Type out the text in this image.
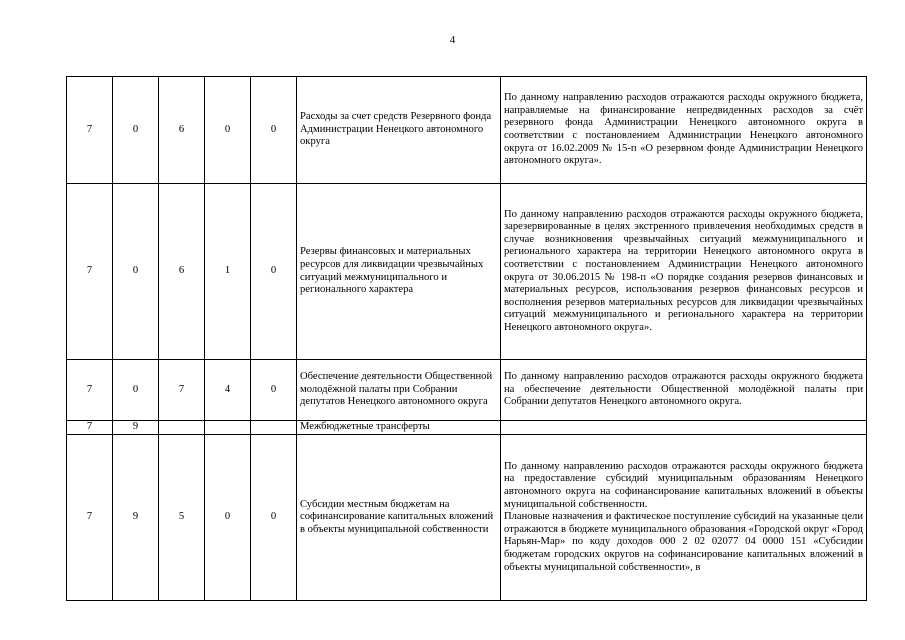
4
7	0	6	0	0	Расходы за счет средств Резервного фонда Администрации Ненецкого автономного округа	По данному направлению расходов отражаются расходы окружного бюджета, направляемые на финансирование непредвиденных расходов за счёт резервного фонда Администрации Ненецкого автономного округа в соответствии с постановлением Администрации Ненецкого автономного округа от 16.02.2009 № 15-п «О резервном фонде Администрации Ненецкого автономного округа».

7	0	6	1	0	Резервы финансовых и материальных ресурсов для ликвидации чрезвычайных ситуаций межмуниципального и регионального характера	По данному направлению расходов отражаются расходы окружного бюджета, зарезервированные в целях экстренного привлечения необходимых средств в случае возникновения чрезвычайных ситуаций межмуниципального и регионального характера на территории Ненецкого автономного округа в соответствии с постановлением Администрации Ненецкого автономного округа от 30.06.2015 № 198-п «О порядке создания резервов финансовых и материальных ресурсов, использования резервов финансовых ресурсов и восполнения резервов материальных ресурсов для ликвидации чрезвычайных ситуаций межмуниципального и регионального характера на территории Ненецкого автономного округа».

7	0	7	4	0	Обеспечение деятельности Общественной молодёжной палаты при Собрании депутатов Ненецкого автономного округа	По данному направлению расходов отражаются расходы окружного бюджета на обеспечение деятельности Общественной молодёжной палаты при Собрании депутатов Ненецкого автономного округа.

7	9				Межбюджетные трансферты	

7	9	5	0	0	Субсидии местным бюджетам на софинансирование капитальных вложений в объекты муниципальной собственности	По данному направлению расходов отражаются расходы окружного бюджета на предоставление субсидий муниципальным образованиям Ненецкого автономного округа на софинансирование капитальных вложений в объекты муниципальной собственности.

Плановые назначения и фактическое поступление субсидий на указанные цели отражаются в бюджете муниципального образования «Городской округ «Город Нарьян-Мар» по коду доходов 000 2 02 02077 04 0000 151 «Субсидии бюджетам городских округов на софинансирование капитальных вложений в объекты муниципальной собственности», в
